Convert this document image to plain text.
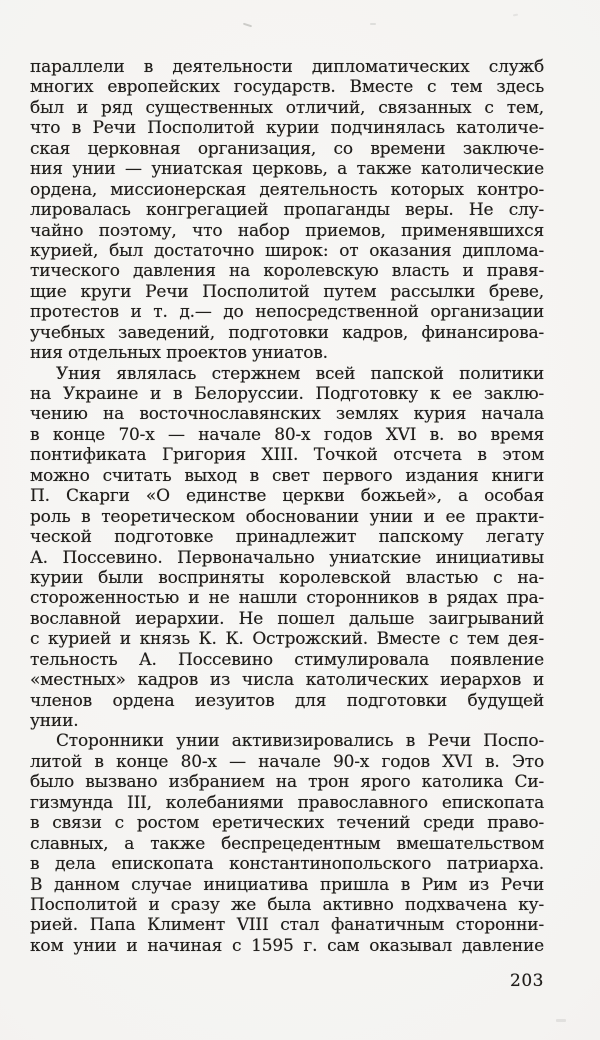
параллели в деятельности дипломатических служб
многих европейских государств. Вместе с тем здесь
был и ряд существенных отличий, связанных с тем,
что в Речи Посполитой курии подчинялась католиче-
ская церковная организация, со времени заключе-
ния унии — униатская церковь, а также католические
ордена, миссионерская деятельность которых контро-
лировалась конгрегацией пропаганды веры. Не слу-
чайно поэтому, что набор приемов, применявшихся
курией, был достаточно широк: от оказания диплома-
тического давления на королевскую власть и правя-
щие круги Речи Посполитой путем рассылки бреве,
протестов и т. д.— до непосредственной организации
учебных заведений, подготовки кадров, финансирова-
ния отдельных проектов униатов.
Уния являлась стержнем всей папской политики
на Украине и в Белоруссии. Подготовку к ее заклю-
чению на восточнославянских землях курия начала
в конце 70-х — начале 80-х годов XVI в. во время
понтификата Григория XIII. Точкой отсчета в этом
можно считать выход в свет первого издания книги
П. Скарги «О единстве церкви божьей», а особая
роль в теоретическом обосновании унии и ее практи-
ческой подготовке принадлежит папскому легату
А. Поссевино. Первоначально униатские инициативы
курии были восприняты королевской властью с на-
стороженностью и не нашли сторонников в рядах пра-
вославной иерархии. Не пошел дальше заигрываний
с курией и князь К. К. Острожский. Вместе с тем дея-
тельность А. Поссевино стимулировала появление
«местных» кадров из числа католических иерархов и
членов ордена иезуитов для подготовки будущей
унии.
Сторонники унии активизировались в Речи Поспо-
литой в конце 80-х — начале 90-х годов XVI в. Это
было вызвано избранием на трон ярого католика Си-
гизмунда III, колебаниями православного епископата
в связи с ростом еретических течений среди право-
славных, а также беспрецедентным вмешательством
в дела епископата константинопольского патриарха.
В данном случае инициатива пришла в Рим из Речи
Посполитой и сразу же была активно подхвачена ку-
рией. Папа Климент VIII стал фанатичным сторонни-
ком унии и начиная с 1595 г. сам оказывал давление
203
